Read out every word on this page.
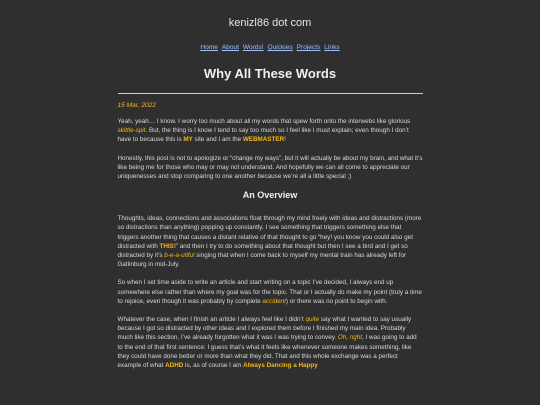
kenizl86 dot com
Home About Words! Quickies Projects Links
Why All These Words
15 Mar, 2022

Yeah, yeah… I know. I worry too much about all my words that spew forth onto the interwebs like glorious skittle-spit. But, the thing is I know I tend to say too much so I feel like I must explain; even though I don’t have to because this is MY site and I am the WEBMASTER!

Honestly, this post is not to apologize or “change my ways”, but it will actually be about my brain, and what it’s like being me for those who may or may not understand. And hopefully we can all come to appreciate our uniquenesses and stop comparing to one another because we’re all a little special ;)

An Overview

Thoughts, ideas, connections and associations float through my mind freely with ideas and distractions (more so distractions than anything) popping up constantly. I see something that triggers something else that triggers another thing that causes a distant relative of that thought to go “hey! you know you could also get distracted with THIS!” and then I try to do something about that thought but then I see a bird and I get so distracted by it’s b-e-a-utiful singing that when I come back to myself my mental train has already left for Gatlinburg in mid-July.

So when I set time aside to write an article and start writing on a topic I’ve decided, I always end up somewhere else rather than where my goal was for the topic. That or I actually do make my point (truly a time to rejoice, even though it was probably by complete accident) or there was no point to begin with.

Whatever the case, when I finish an article I always feel like I didn’t quite say what I wanted to say usually because I got so distracted by other ideas and I explored them before I finished my main idea. Probably much like this section, I’ve already forgotten what it was I was trying to convey. Oh, right, I was going to add to the end of that first sentence: I guess that’s what it feels like whenever someone makes something, like they could have done better or more than what they did. That and this whole exchange was a perfect example of what ADHD is, as of course I am Always Dancing a Happy
